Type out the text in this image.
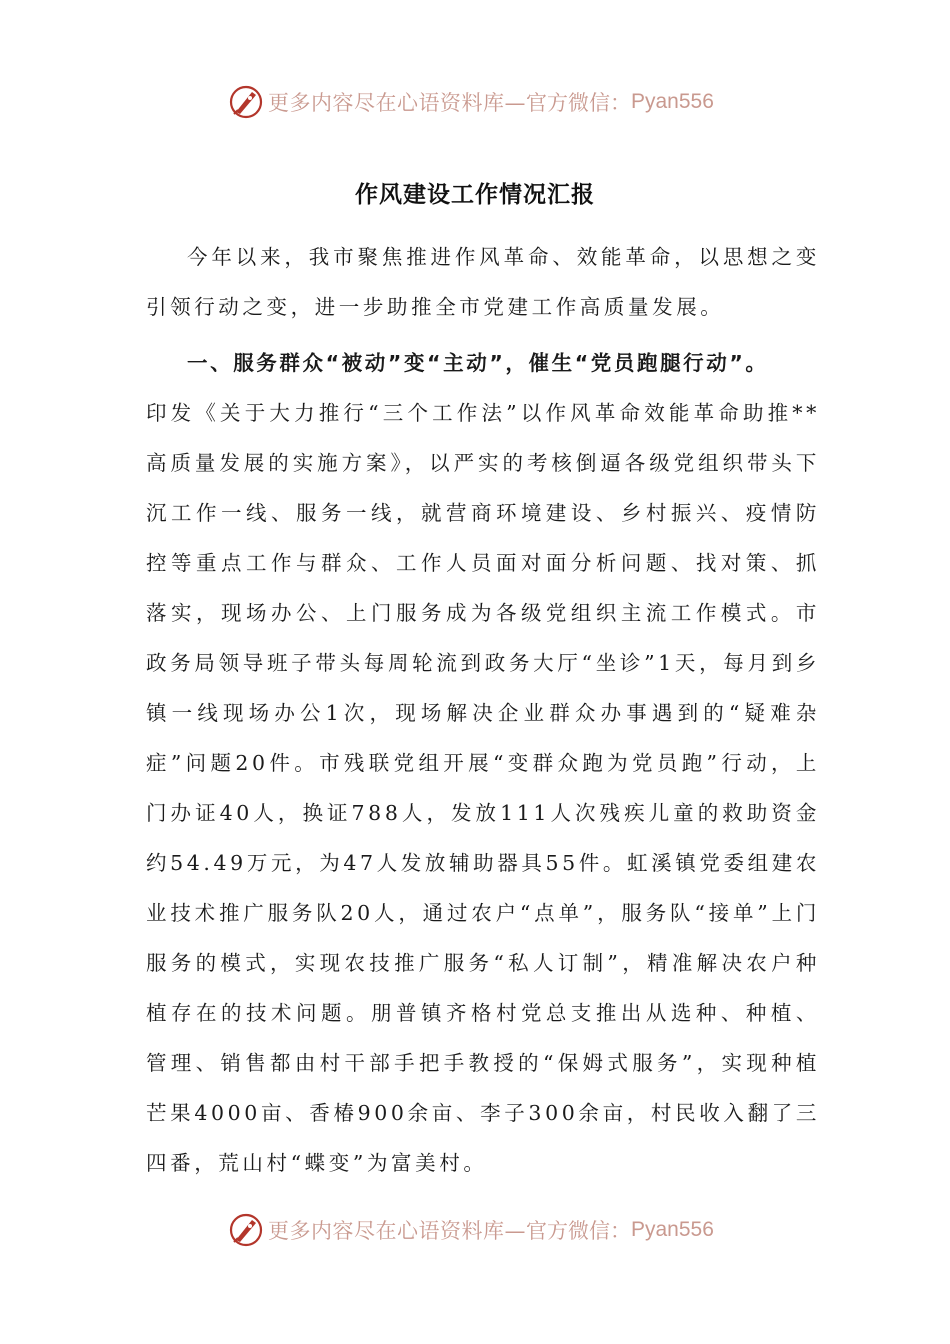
更多内容尽在心语资料库— 官方微信： Pyan556
作风建设工作情况汇报

今年以来，我市聚焦推进作风革命、效能革命，以思想之变引领行动之变，进一步助推全市党建工作高质量发展。

一、服务群众“被动”变“主动”，催生“党员跑腿行动”。

印发《关于大力推行“三个工作法”以作风革命效能革命助推**高质量发展的实施方案》，以严实的考核倒逼各级党组织带头下沉工作一线、服务一线，就营商环境建设、乡村振兴、疫情防控等重点工作与群众、工作人员面对面分析问题、找对策、抓落实，现场办公、上门服务成为各级党组织主流工作模式。市政务局领导班子带头每周轮流到政务大厅“坐诊”1天，每月到乡镇一线现场办公1次，现场解决企业群众办事遇到的“疑难杂症”问题20件。市残联党组开展“变群众跑为党员跑”行动，上门办证40人，换证788人，发放111人次残疾儿童的救助资金约54.49万元，为47人发放辅助器具55件。虹溪镇党委组建农业技术推广服务队20人，通过农户“点单”，服务队“接单”上门服务的模式，实现农技推广服务“私人订制”，精准解决农户种植存在的技术问题。朋普镇齐格村党总支推出从选种、种植、管理、销售都由村干部手把手教授的“保姆式服务”，实现种植芒果4000亩、香椿900余亩、李子300余亩，村民收入翻了三四番，荒山村“蝶变”为富美村。

更多内容尽在心语资料库— 官方微信： Pyan556
